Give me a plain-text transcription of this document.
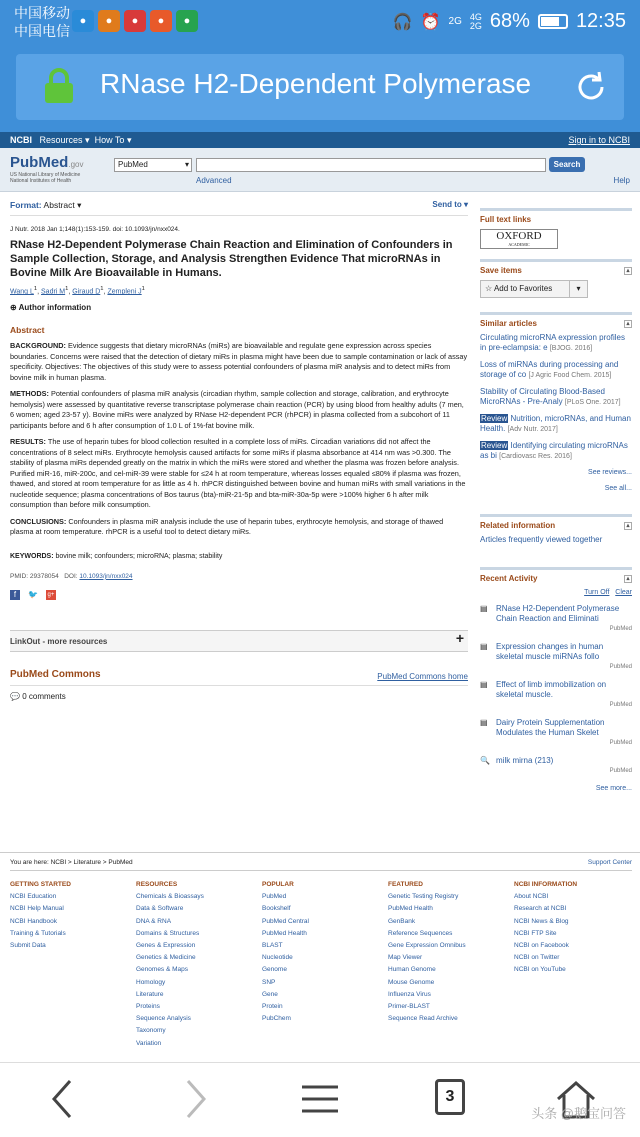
中国移动
中国电信
●	●	●	●	●	🎧 ⏰ 2G 4G
2G 68% 12:35
RNase H2-Dependent Polymerase
NCBI Resources ▾  How To ▾	Sign in to NCBI
PubMed.gov
US National Library of Medicine
National Institutes of Health
PubMed	▾	Search
Advanced	Help
Format: Abstract ▾	Send to ▾
J Nutr. 2018 Jan 1;148(1):153-159. doi: 10.1093/jn/nxx024.
RNase H2-Dependent Polymerase Chain Reaction and Elimination of Confounders in Sample Collection, Storage, and Analysis Strengthen Evidence That microRNAs in Bovine Milk Are Bioavailable in Humans.
Wang $L^1$, Sadri $M^1$, Giraud $D^1$, Zempleni $J^1$
⊕ Author information
Abstract

BACKGROUND: Evidence suggests that dietary microRNAs (miRs) are bioavailable and regulate gene expression across species boundaries. Concerns were raised that the detection of dietary miRs in plasma might have been due to sample contamination or lack of assay specificity. Objectives: The objectives of this study were to assess potential confounders of plasma miR analysis and to detect miRs from bovine milk in human plasma.

METHODS: Potential confounders of plasma miR analysis (circadian rhythm, sample collection and storage, calibration, and erythrocyte hemolysis) were assessed by quantitative reverse transcriptase polymerase chain reaction (PCR) by using blood from healthy adults (7 men, 6 women; aged 23-57 y). Bovine miRs were analyzed by RNase H2-dependent PCR (rhPCR) in plasma collected from a subcohort of 11 participants before and 6 h after consumption of 1.0 L of 1%-fat bovine milk.

RESULTS: The use of heparin tubes for blood collection resulted in a complete loss of miRs. Circadian variations did not affect the concentrations of 8 select miRs. Erythrocyte hemolysis caused artifacts for some miRs if plasma absorbance at 414 nm was >0.300. The stability of plasma miRs depended greatly on the matrix in which the miRs were stored and whether the plasma was frozen before analysis. Purified miR-16, miR-200c, and cel-miR-39 were stable for ≤24 h at room temperature, whereas losses equaled ≤80% if plasma was frozen, thawed, and stored at room temperature for as little as 4 h. rhPCR distinguished between bovine and human miRs with small variations in the nucleotide sequence; plasma concentrations of Bos taurus (bta)-miR-21-5p and bta-miR-30a-5p were >100% higher 6 h after milk consumption than before milk consumption.

CONCLUSIONS: Confounders in plasma miR analysis include the use of heparin tubes, erythrocyte hemolysis, and storage of thawed plasma at room temperature. rhPCR is a useful tool to detect dietary miRs.

KEYWORDS: bovine milk; confounders; microRNA; plasma; stability
PMID: 29378054 DOI: 10.1093/jn/nxx024
f	🐦 g+
LinkOut - more resources	+
PubMed Commons	PubMed Commons home
💬 0 comments
Full text links
OXFORD
ACADEMIC
Save items	▴
☆ Add to Favorites	▾
Similar articles	▴
Circulating microRNA expression profiles in pre-eclampsia: e [BJOG. 2016]
Loss of miRNAs during processing and storage of co [J Agric Food Chem. 2015]
Stability of Circulating Blood-Based MicroRNAs - Pre-Analy [PLoS One. 2017]
Review Nutrition, microRNAs, and Human Health. [Adv Nutr. 2017]
Review Identifying circulating microRNAs as bi [Cardiovasc Res. 2016]
See reviews...
See all...
Related information	▴
Articles frequently viewed together
Recent Activity	▴
Turn Off Clear
▤ RNase H2-Dependent Polymerase Chain Reaction and Eliminati
PubMed
▤ Expression changes in human skeletal muscle miRNAs follo
PubMed
▤ Effect of limb immobilization on skeletal muscle.
PubMed
▤ Dairy Protein Supplementation Modulates the Human Skelet
PubMed
🔍 milk mirna (213)
PubMed
See more...
You are here: NCBI > Literature > PubMed	Support Center
GETTING STARTED
NCBI Education
NCBI Help Manual
NCBI Handbook
Training & Tutorials
Submit Data
RESOURCES
Chemicals & Bioassays
Data & Software
DNA & RNA
Domains & Structures
Genes & Expression
Genetics & Medicine
Genomes & Maps
Homology
Literature
Proteins
Sequence Analysis
Taxonomy
Variation
POPULAR
PubMed
Bookshelf
PubMed Central
PubMed Health
BLAST
Nucleotide
Genome
SNP
Gene
Protein
PubChem
FEATURED
Genetic Testing Registry
PubMed Health
GenBank
Reference Sequences
Gene Expression Omnibus
Map Viewer
Human Genome
Mouse Genome
Influenza Virus
Primer-BLAST
Sequence Read Archive
NCBI INFORMATION
About NCBI
Research at NCBI
NCBI News & Blog
NCBI FTP Site
NCBI on Facebook
NCBI on Twitter
NCBI on YouTube
3
头条 @鹅宝问答
